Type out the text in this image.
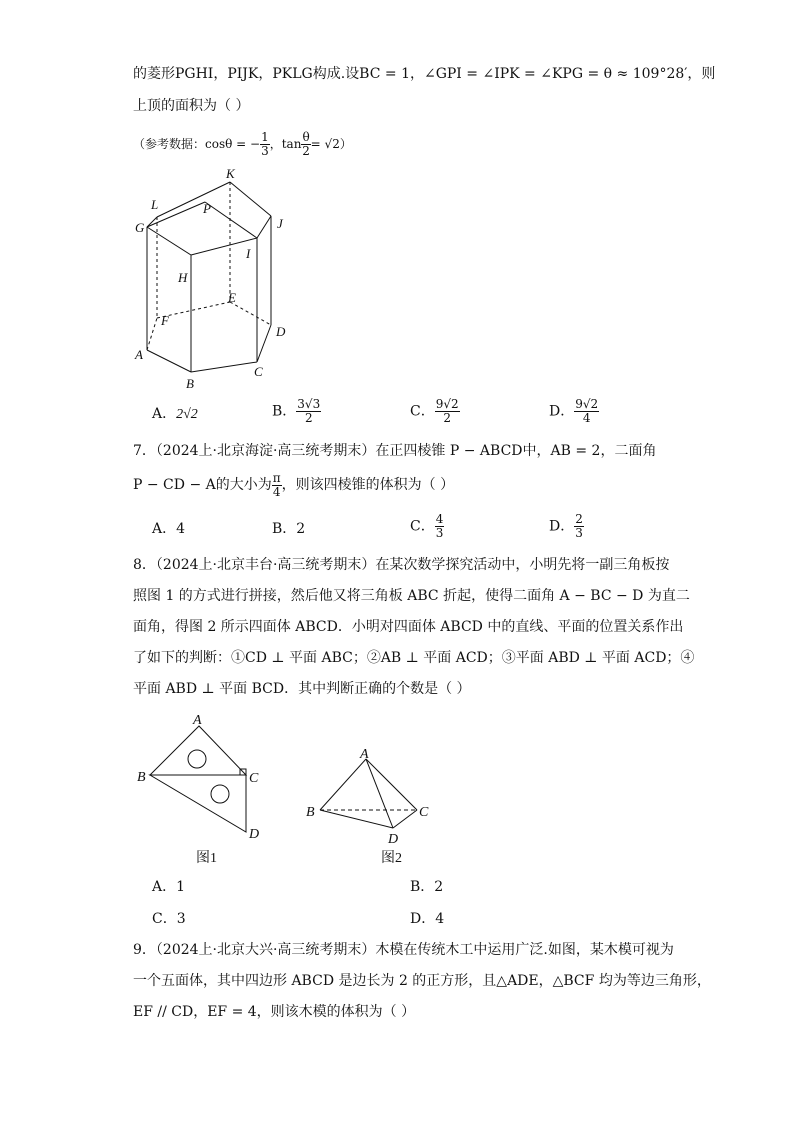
的菱形PGHI，PIJK，PKLG构成.设BC = 1，∠GPI = ∠IPK = ∠KPG = θ ≈ 109°28′，则
上顶的面积为（ ）
（参考数据：cosθ = − $\frac{1}{3}$ ，$\tan \frac{\theta}{2} = √2$）
K
L	P
G	J
I
H
E
F
D
A
C
B
A．2√2	B． $\frac{3√3}{2}$	C． $\frac{9√2}{2}$	D． $\frac{9√2}{4}$
7．（2024上·北京海淀·高三统考期末）在正四棱锥 P − ABCD中，AB = 2，二面角
P − CD − A的大小为 $\frac{\pi}{4}$ ，则该四棱锥的体积为（ ）
A．4	B．2	C． $\frac{4}{3}$	D． $\frac{2}{3}$
8．（2024上·北京丰台·高三统考期末）在某次数学探究活动中，小明先将一副三角板按
照图 1 的方式进行拼接，然后他又将三角板 ABC 折起，使得二面角 A − BC − D 为直二
面角，得图 2 所示四面体 ABCD．小明对四面体 ABCD 中的直线、平面的位置关系作出
了如下的判断：①CD ⊥ 平面 ABC；②AB ⊥ 平面 ACD；③平面 ABD ⊥ 平面 ACD；④
平面 ABD ⊥ 平面 BCD．其中判断正确的个数是（ ）
A
B	C
D
图1
A
B	C
D
图2
A．1	B．2
C．3	D．4
9．（2024上·北京大兴·高三统考期末）木模在传统木工中运用广泛.如图，某木模可视为
一个五面体，其中四边形 ABCD 是边长为 2 的正方形，且△ADE，△BCF 均为等边三角形，
EF // CD，EF = 4，则该木模的体积为（ ）
